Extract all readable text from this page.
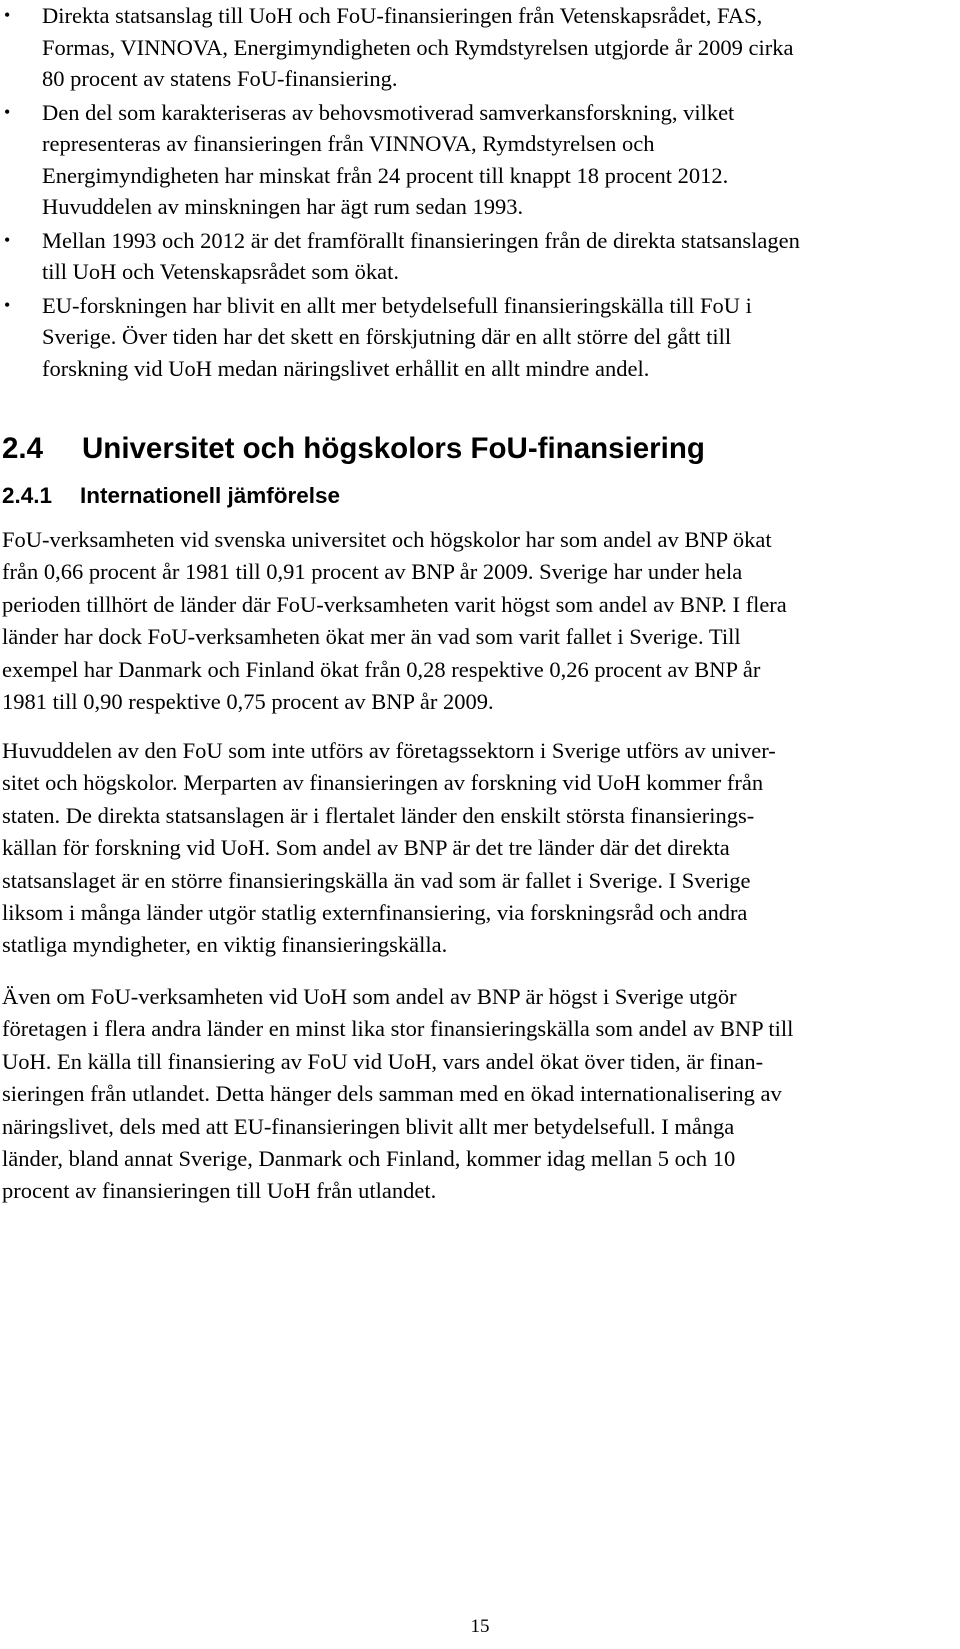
•	Direkta statsanslag till UoH och FoU-finansieringen från Vetenskapsrådet, FAS,
Formas, VINNOVA, Energimyndigheten och Rymdstyrelsen utgjorde år 2009 cirka
80 procent av statens FoU-finansiering.
•	Den del som karakteriseras av behovsmotiverad samverkansforskning, vilket
representeras av finansieringen från VINNOVA, Rymdstyrelsen och
Energimyndigheten har minskat från 24 procent till knappt 18 procent 2012.
Huvuddelen av minskningen har ägt rum sedan 1993.
•	Mellan 1993 och 2012 är det framförallt finansieringen från de direkta statsanslagen
till UoH och Vetenskapsrådet som ökat.
•	EU-forskningen har blivit en allt mer betydelsefull finansieringskälla till FoU i
Sverige. Över tiden har det skett en förskjutning där en allt större del gått till
forskning vid UoH medan näringslivet erhållit en allt mindre andel.
2.4 Universitet och högskolors FoU-finansiering
2.4.1 Internationell jämförelse

FoU-verksamheten vid svenska universitet och högskolor har som andel av BNP ökat
från 0,66 procent år 1981 till 0,91 procent av BNP år 2009. Sverige har under hela
perioden tillhört de länder där FoU-verksamheten varit högst som andel av BNP. I flera
länder har dock FoU-verksamheten ökat mer än vad som varit fallet i Sverige. Till
exempel har Danmark och Finland ökat från 0,28 respektive 0,26 procent av BNP år
1981 till 0,90 respektive 0,75 procent av BNP år 2009.

Huvuddelen av den FoU som inte utförs av företagssektorn i Sverige utförs av univer-
sitet och högskolor. Merparten av finansieringen av forskning vid UoH kommer från
staten. De direkta statsanslagen är i flertalet länder den enskilt största finansierings-
källan för forskning vid UoH. Som andel av BNP är det tre länder där det direkta
statsanslaget är en större finansieringskälla än vad som är fallet i Sverige. I Sverige
liksom i många länder utgör statlig externfinansiering, via forskningsråd och andra
statliga myndigheter, en viktig finansieringskälla.

Även om FoU-verksamheten vid UoH som andel av BNP är högst i Sverige utgör
företagen i flera andra länder en minst lika stor finansieringskälla som andel av BNP till
UoH. En källa till finansiering av FoU vid UoH, vars andel ökat över tiden, är finan-
sieringen från utlandet. Detta hänger dels samman med en ökad internationalisering av
näringslivet, dels med att EU-finansieringen blivit allt mer betydelsefull. I många
länder, bland annat Sverige, Danmark och Finland, kommer idag mellan 5 och 10
procent av finansieringen till UoH från utlandet.

15
